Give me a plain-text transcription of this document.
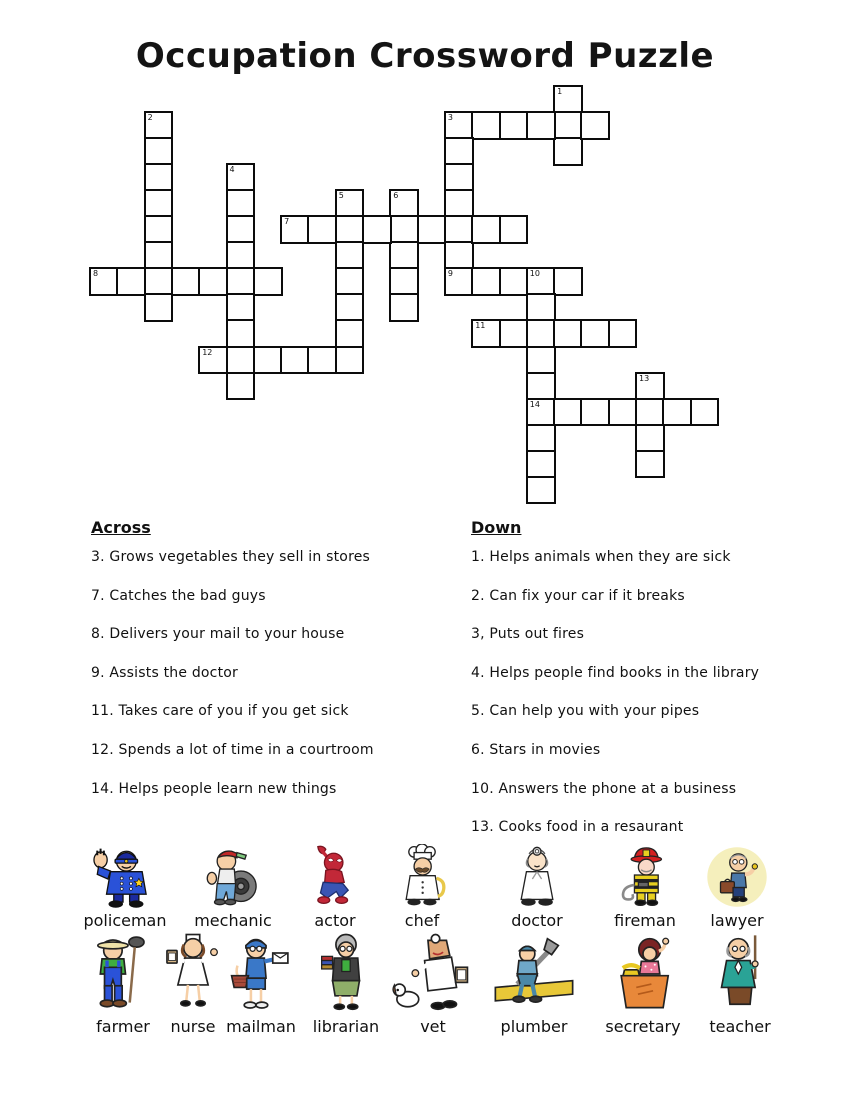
Occupation Crossword Puzzle
1
2	3
9
4
5	6
7
8	10
14
11
12
13
Across
3. Grows vegetables they sell in stores
7. Catches the bad guys
8. Delivers your mail to your house
9. Assists the doctor
11. Takes care of you if you get sick
12. Spends a lot of time in a courtroom
14. Helps people learn new things
Down
1. Helps animals when they are sick
2. Can fix your car if it breaks
3, Puts out fires
4. Helps people find books in the library
5. Can help you with your pipes
6. Stars in movies
10. Answers the phone at a business
13. Cooks food in a resaurant
policeman	mechanic	actor	chef	doctor	fireman	lawyer
farmer	nurse mailman	librarian	vet	plumber	secretary	teacher
